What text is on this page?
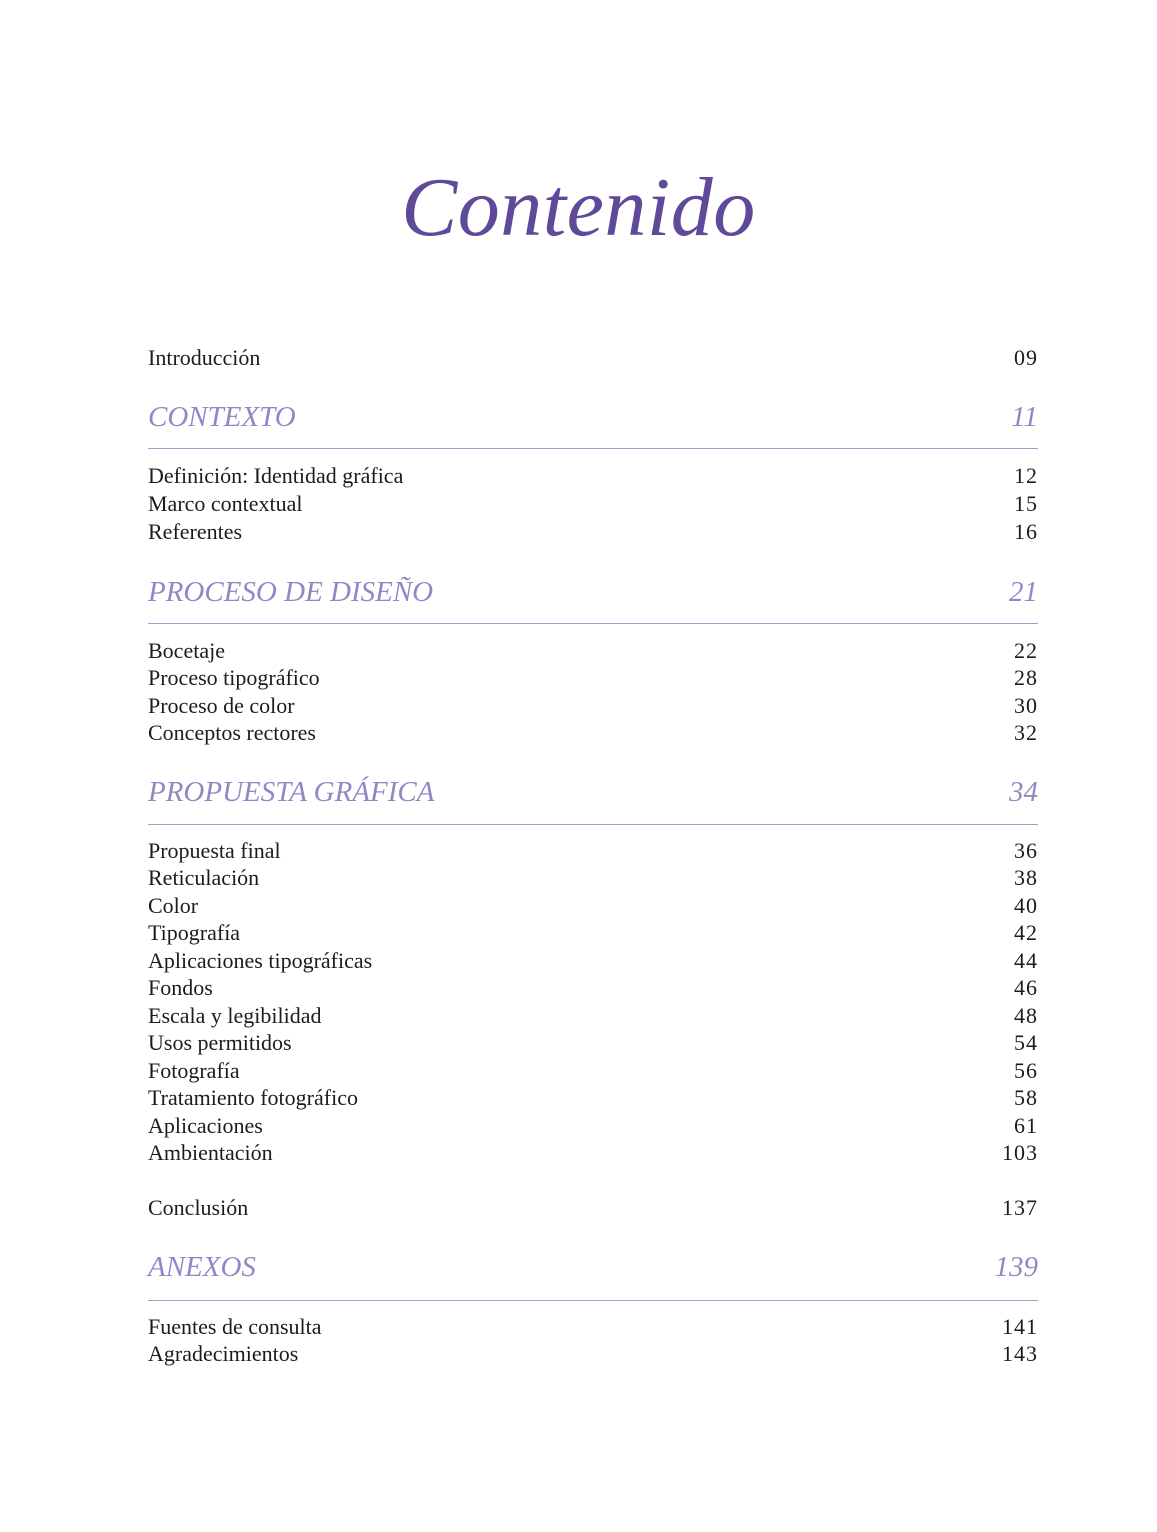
Contenido
Introducción	09
CONTEXTO	11
Definición: Identidad gráfica	12
Marco contextual	15
Referentes	16
PROCESO DE DISEÑO	21
Bocetaje	22
Proceso tipográfico	28
Proceso de color	30
Conceptos rectores	32
PROPUESTA GRÁFICA	34
Propuesta final	36
Reticulación	38
Color	40
Tipografía	42
Aplicaciones tipográficas	44
Fondos	46
Escala y legibilidad	48
Usos permitidos	54
Fotografía	56
Tratamiento fotográfico	58
Aplicaciones	61
Ambientación	103
Conclusión	137
ANEXOS	139
Fuentes de consulta	141
Agradecimientos	143
